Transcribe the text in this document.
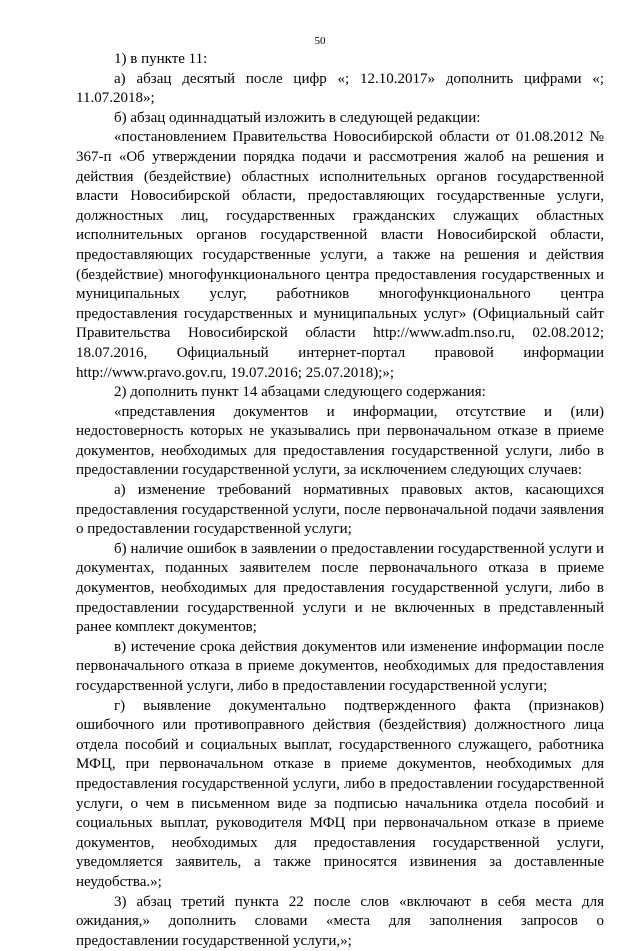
50

1) в пункте 11:

а) абзац десятый после цифр «; 12.10.2017» дополнить цифрами «; 11.07.2018»;

б) абзац одиннадцатый изложить в следующей редакции:

«постановлением Правительства Новосибирской области от 01.08.2012 № 367-п «Об утверждении порядка подачи и рассмотрения жалоб на решения и действия (бездействие) областных исполнительных органов государственной власти Новосибирской области, предоставляющих государственные услуги, должностных лиц, государственных гражданских служащих областных исполнительных органов государственной власти Новосибирской области, предоставляющих государственные услуги, а также на решения и действия (бездействие) многофункционального центра предоставления государственных и муниципальных услуг, работников многофункционального центра предоставления государственных и муниципальных услуг» (Официальный сайт Правительства Новосибирской области http://www.adm.nso.ru, 02.08.2012; 18.07.2016, Официальный интернет-портал правовой информации http://www.pravo.gov.ru, 19.07.2016; 25.07.2018);»;

2) дополнить пункт 14 абзацами следующего содержания:

«представления документов и информации, отсутствие и (или) недостоверность которых не указывались при первоначальном отказе в приеме документов, необходимых для предоставления государственной услуги, либо в предоставлении государственной услуги, за исключением следующих случаев:

а) изменение требований нормативных правовых актов, касающихся предоставления государственной услуги, после первоначальной подачи заявления о предоставлении государственной услуги;

б) наличие ошибок в заявлении о предоставлении государственной услуги и документах, поданных заявителем после первоначального отказа в приеме документов, необходимых для предоставления государственной услуги, либо в предоставлении государственной услуги и не включенных в представленный ранее комплект документов;

в) истечение срока действия документов или изменение информации после первоначального отказа в приеме документов, необходимых для предоставления государственной услуги, либо в предоставлении государственной услуги;

г) выявление документально подтвержденного факта (признаков) ошибочного или противоправного действия (бездействия) должностного лица отдела пособий и социальных выплат, государственного служащего, работника МФЦ, при первоначальном отказе в приеме документов, необходимых для предоставления государственной услуги, либо в предоставлении государственной услуги, о чем в письменном виде за подписью начальника отдела пособий и социальных выплат, руководителя МФЦ при первоначальном отказе в приеме документов, необходимых для предоставления государственной услуги, уведомляется заявитель, а также приносятся извинения за доставленные неудобства.»;

3) абзац третий пункта 22 после слов «включают в себя места для ожидания,» дополнить словами «места для заполнения запросов о предоставлении государственной услуги,»;
